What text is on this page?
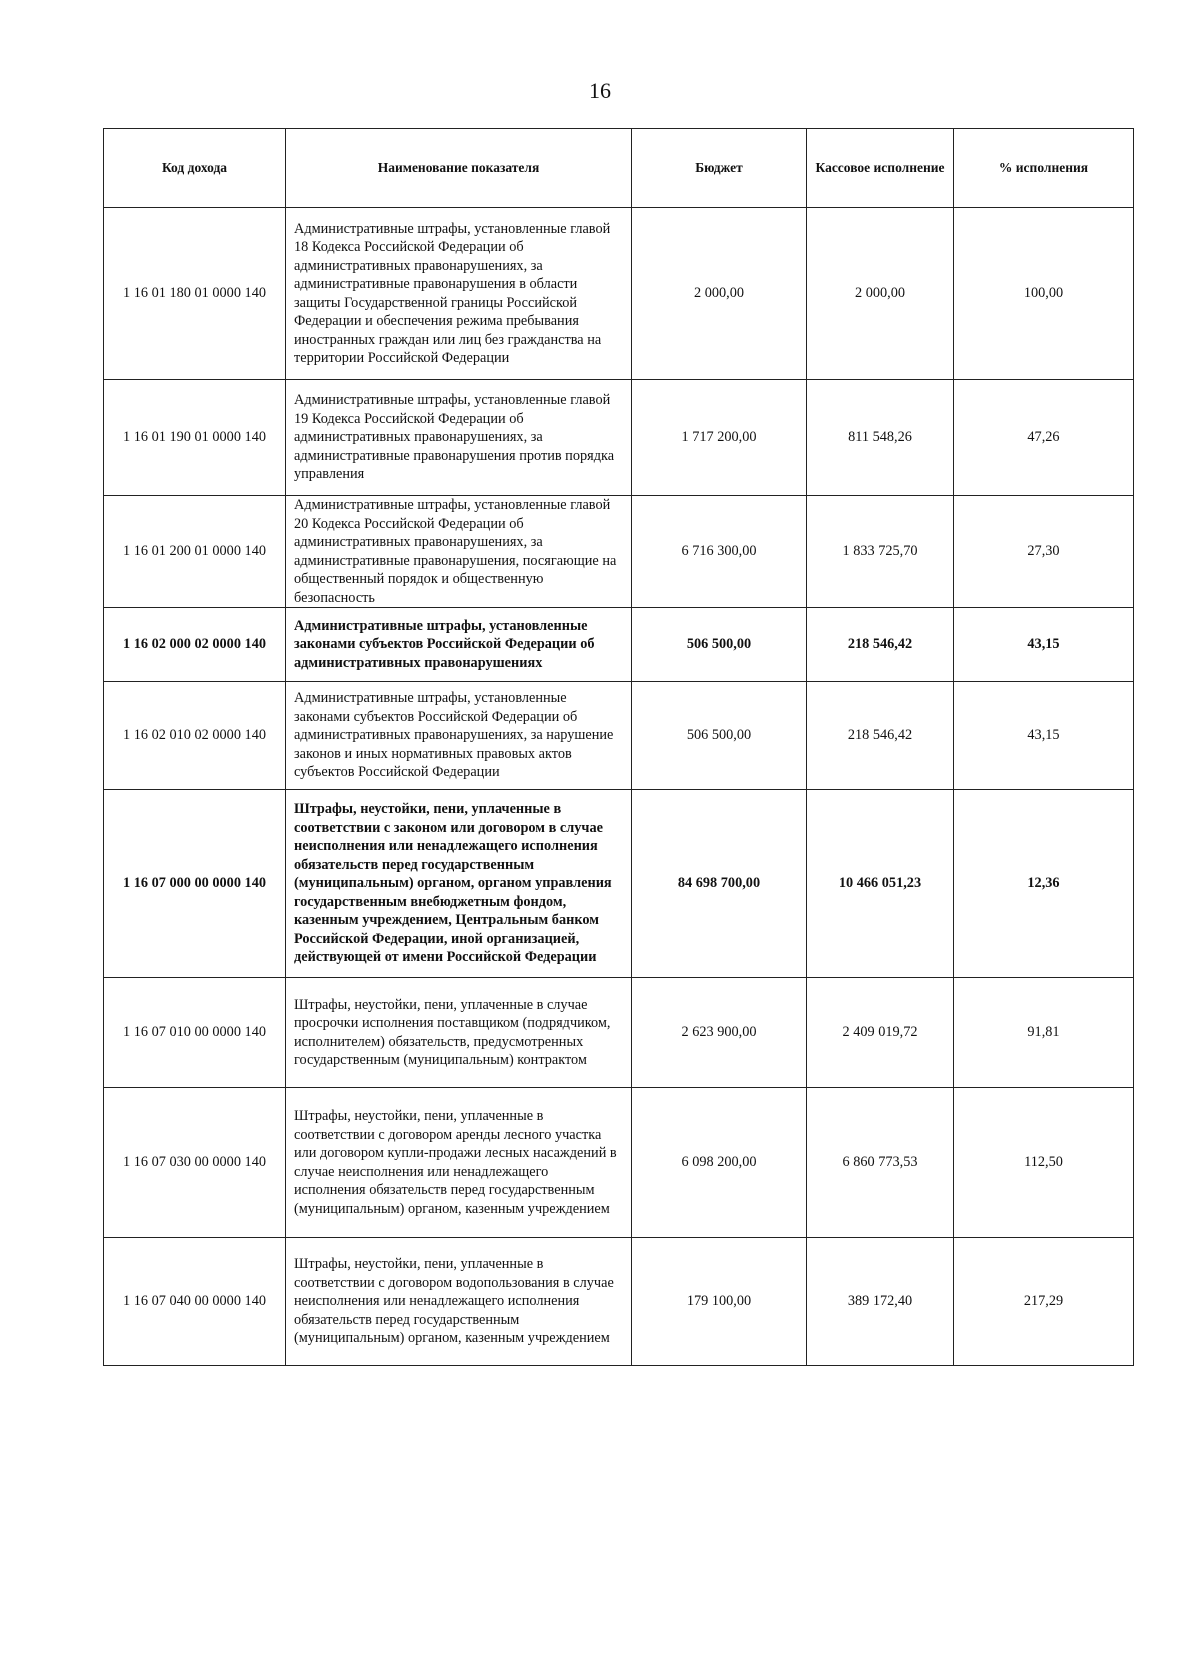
16
Код дохода	Наименование показателя	Бюджет	Кассовое исполнение	% исполнения
1 16 01 180 01 0000 140	Административные штрафы, установленные главой 18 Кодекса Российской Федерации об административных правонарушениях, за административные правонарушения в области защиты Государственной границы Российской Федерации и обеспечения режима пребывания иностранных граждан или лиц без гражданства на территории Российской Федерации	2 000,00	2 000,00	100,00
1 16 01 190 01 0000 140	Административные штрафы, установленные главой 19 Кодекса Российской Федерации об административных правонарушениях, за административные правонарушения против порядка управления	1 717 200,00	811 548,26	47,26
1 16 01 200 01 0000 140	Административные штрафы, установленные главой 20 Кодекса Российской Федерации об административных правонарушениях, за административные правонарушения, посягающие на общественный порядок и общественную безопасность	6 716 300,00	1 833 725,70	27,30
1 16 02 000 02 0000 140	Административные штрафы, установленные законами субъектов Российской Федерации об административных правонарушениях	506 500,00	218 546,42	43,15
1 16 02 010 02 0000 140	Административные штрафы, установленные законами субъектов Российской Федерации об административных правонарушениях, за нарушение законов и иных нормативных правовых актов субъектов Российской Федерации	506 500,00	218 546,42	43,15
1 16 07 000 00 0000 140	Штрафы, неустойки, пени, уплаченные в соответствии с законом или договором в случае неисполнения или ненадлежащего исполнения обязательств перед государственным (муниципальным) органом, органом управления государственным внебюджетным фондом, казенным учреждением, Центральным банком Российской Федерации, иной организацией, действующей от имени Российской Федерации	84 698 700,00	10 466 051,23	12,36
1 16 07 010 00 0000 140	Штрафы, неустойки, пени, уплаченные в случае просрочки исполнения поставщиком (подрядчиком, исполнителем) обязательств, предусмотренных государственным (муниципальным) контрактом	2 623 900,00	2 409 019,72	91,81
1 16 07 030 00 0000 140	Штрафы, неустойки, пени, уплаченные в соответствии с договором аренды лесного участка или договором купли-продажи лесных насаждений в случае неисполнения или ненадлежащего исполнения обязательств перед государственным (муниципальным) органом, казенным учреждением	6 098 200,00	6 860 773,53	112,50
1 16 07 040 00 0000 140	Штрафы, неустойки, пени, уплаченные в соответствии с договором водопользования в случае неисполнения или ненадлежащего исполнения обязательств перед государственным (муниципальным) органом, казенным учреждением	179 100,00	389 172,40	217,29
